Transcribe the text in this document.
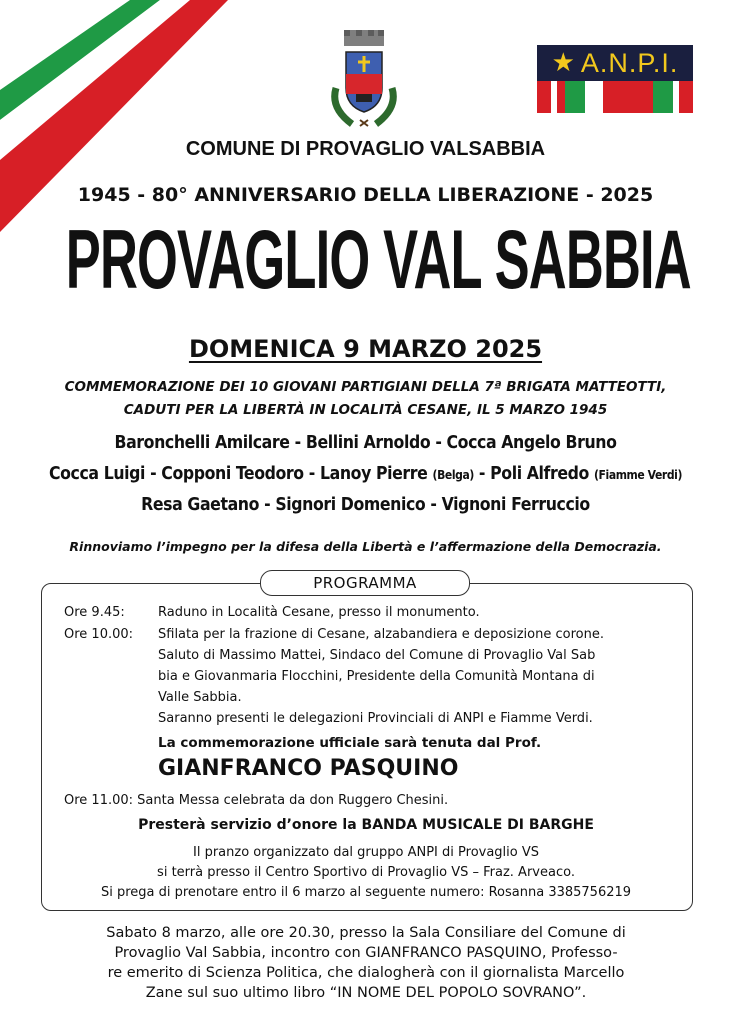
★ A.N.P.I.
COMUNE DI PROVAGLIO VALSABBIA
1945 - 80° ANNIVERSARIO DELLA LIBERAZIONE - 2025
PROVAGLIO VAL SABBIA
DOMENICA 9 MARZO 2025
COMMEMORAZIONE DEI 10 GIOVANI PARTIGIANI DELLA 7ª BRIGATA MATTEOTTI,
CADUTI PER LA LIBERTÀ IN LOCALITÀ CESANE, IL 5 MARZO 1945
Baronchelli Amilcare - Bellini Arnoldo - Cocca Angelo Bruno
Cocca Luigi - Copponi Teodoro - Lanoy Pierre (Belga) - Poli Alfredo (Fiamme Verdi)
Resa Gaetano - Signori Domenico - Vignoni Ferruccio
Rinnoviamo l’impegno per la difesa della Libertà e l’affermazione della Democrazia.
PROGRAMMA
Ore 9.45:	Raduno in Località Cesane, presso il monumento.
Ore 10.00: Sfilata per la frazione di Cesane, alzabandiera e deposizione corone.
Saluto di Massimo Mattei, Sindaco del Comune di Provaglio Val Sab
bia e Giovanmaria Flocchini, Presidente della Comunità Montana di
Valle Sabbia.
Saranno presenti le delegazioni Provinciali di ANPI e Fiamme Verdi.
La commemorazione ufficiale sarà tenuta dal Prof.
GIANFRANCO PASQUINO
Ore 11.00: Santa Messa celebrata da don Ruggero Chesini.
Presterà servizio d’onore la BANDA MUSICALE DI BARGHE
Il pranzo organizzato dal gruppo ANPI di Provaglio VS
si terrà presso il Centro Sportivo di Provaglio VS – Fraz. Arveaco.
Si prega di prenotare entro il 6 marzo al seguente numero: Rosanna 3385756219
Sabato 8 marzo, alle ore 20.30, presso la Sala Consiliare del Comune di
Provaglio Val Sabbia, incontro con GIANFRANCO PASQUINO, Professo-
re emerito di Scienza Politica, che dialogherà con il giornalista Marcello
Zane sul suo ultimo libro “IN NOME DEL POPOLO SOVRANO”.
